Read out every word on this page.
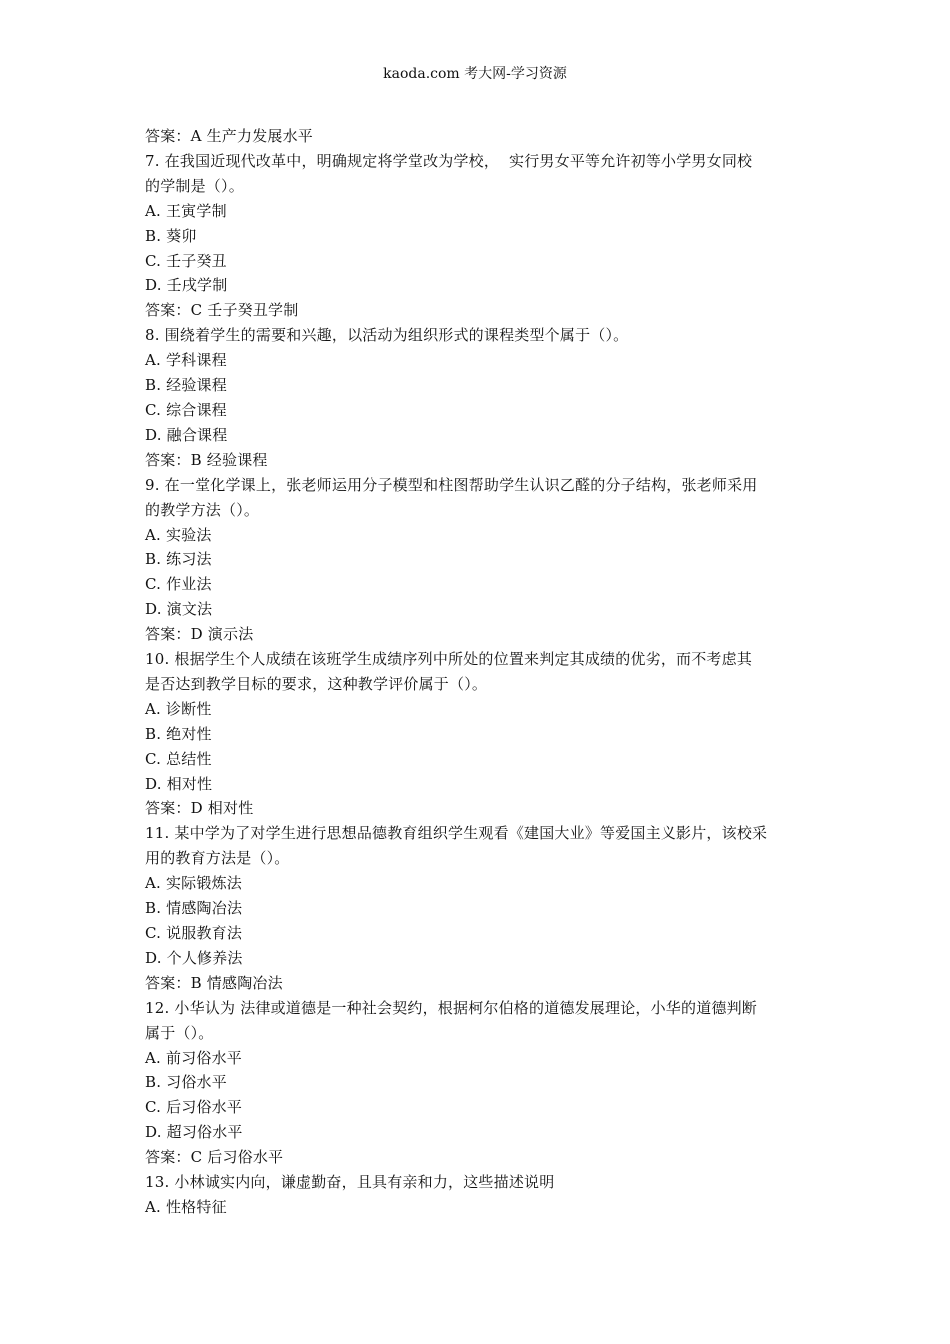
kaoda.com 考大网-学习资源
答案：A 生产力发展水平
7. 在我国近现代改革中，明确规定将学堂改为学校，  实行男女平等允许初等小学男女同校
的学制是（）。
A. 王寅学制
B. 葵卯
C. 壬子癸丑
D. 壬戌学制
答案：C 壬子癸丑学制
8. 围绕着学生的需要和兴趣，以活动为组织形式的课程类型个属于（）。
A. 学科课程
B. 经验课程
C. 综合课程
D. 融合课程
答案：B 经验课程
9. 在一堂化学课上，张老师运用分子模型和柱图帮助学生认识乙醛的分子结构，张老师采用
的教学方法（）。
A. 实验法
B. 练习法
C. 作业法
D. 演文法
答案：D 演示法
10. 根据学生个人成绩在该班学生成绩序列中所处的位置来判定其成绩的优劣，而不考虑其
是否达到教学目标的要求，这种教学评价属于（）。
A. 诊断性
B. 绝对性
C. 总结性
D. 相对性
答案：D 相对性
11. 某中学为了对学生进行思想品德教育组织学生观看《建国大业》等爱国主义影片，该校采
用的教育方法是（）。
A. 实际锻炼法
B. 情感陶冶法
C. 说服教育法
D. 个人修养法
答案：B 情感陶冶法
12. 小华认为 法律或道德是一种社会契约，根据柯尔伯格的道德发展理论，小华的道德判断
属于（）。
A. 前习俗水平
B. 习俗水平
C. 后习俗水平
D. 超习俗水平
答案：C 后习俗水平
13. 小林诚实内向，谦虚勤奋，且具有亲和力，这些描述说明
A. 性格特征
